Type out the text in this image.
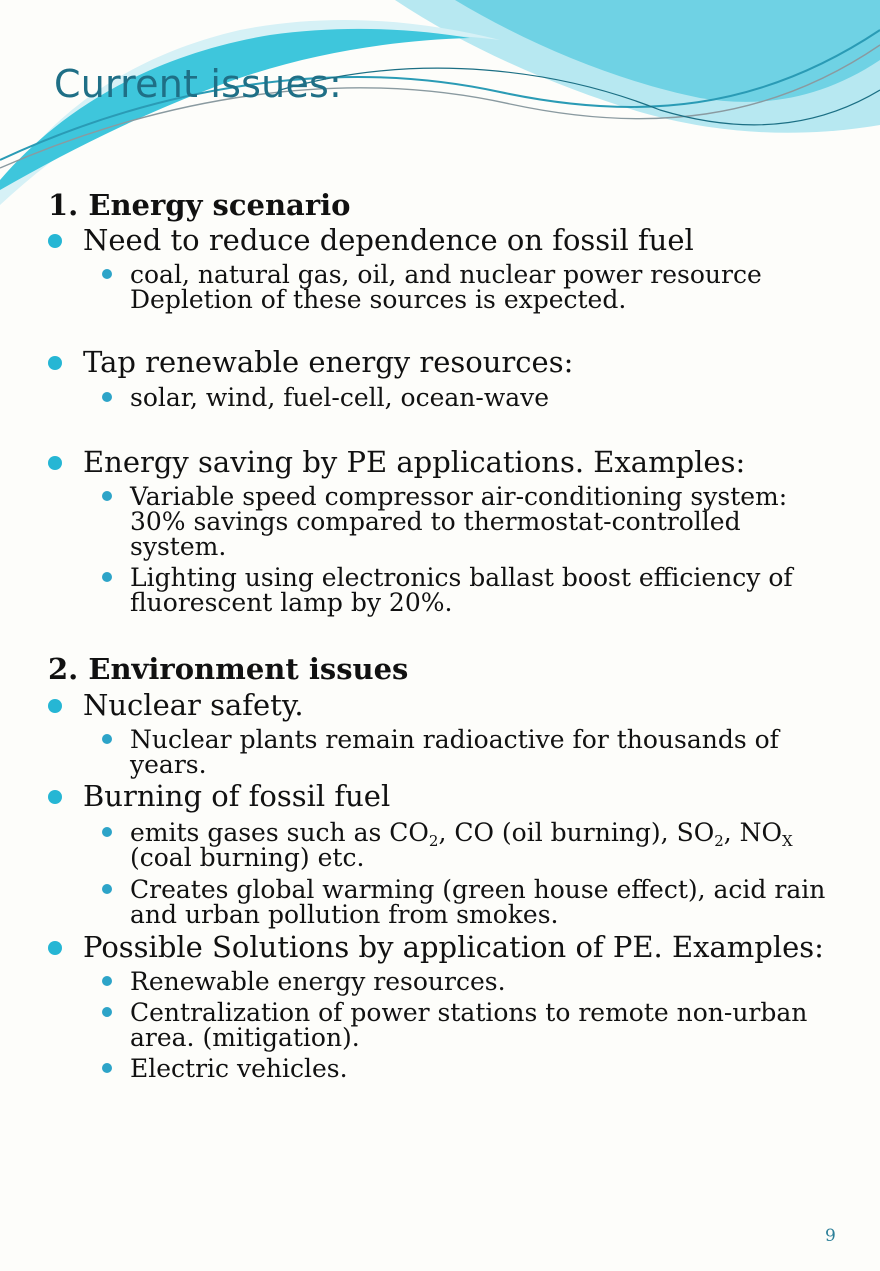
Current issues:
1. Energy scenario
Need to reduce dependence on fossil fuel
coal, natural gas, oil, and nuclear power resource
Depletion of these sources is expected.
Tap renewable energy resources:
solar, wind, fuel-cell, ocean-wave
Energy saving by PE applications. Examples:
Variable speed compressor air-conditioning system:
30% savings compared to thermostat-controlled
system.
Lighting using electronics ballast boost efficiency of
fluorescent lamp by 20%.
2. Environment issues
Nuclear safety.
Nuclear plants remain radioactive for thousands of
years.
Burning of fossil fuel
emits gases such as $CO_2$, CO (oil burning), $SO_2$, $NO_X$
(coal burning) etc.
Creates global warming (green house effect), acid rain
and urban pollution from smokes.
Possible Solutions by application of PE. Examples:
Renewable energy resources.
Centralization of power stations to remote non-urban
area. (mitigation).
Electric vehicles.
9
